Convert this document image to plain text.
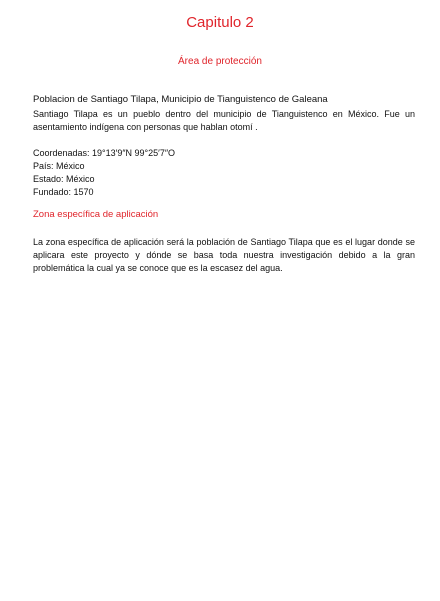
Capitulo 2
Área de protección
Poblacion de Santiago Tilapa, Municipio de Tianguistenco de Galeana
Santiago Tilapa es un pueblo dentro del municipio de Tianguistenco en México. Fue un asentamiento indígena con personas que hablan otomí .
Coordenadas: 19°13′9″N 99°25′7″O
País: México
Estado: México
Fundado: 1570
Zona específica de aplicación
La zona específica de aplicación será la población de Santiago Tilapa que es el lugar donde se aplicara este proyecto y dónde se basa toda nuestra investigación debido a la gran problemática la cual ya se conoce que es la escasez del agua.
